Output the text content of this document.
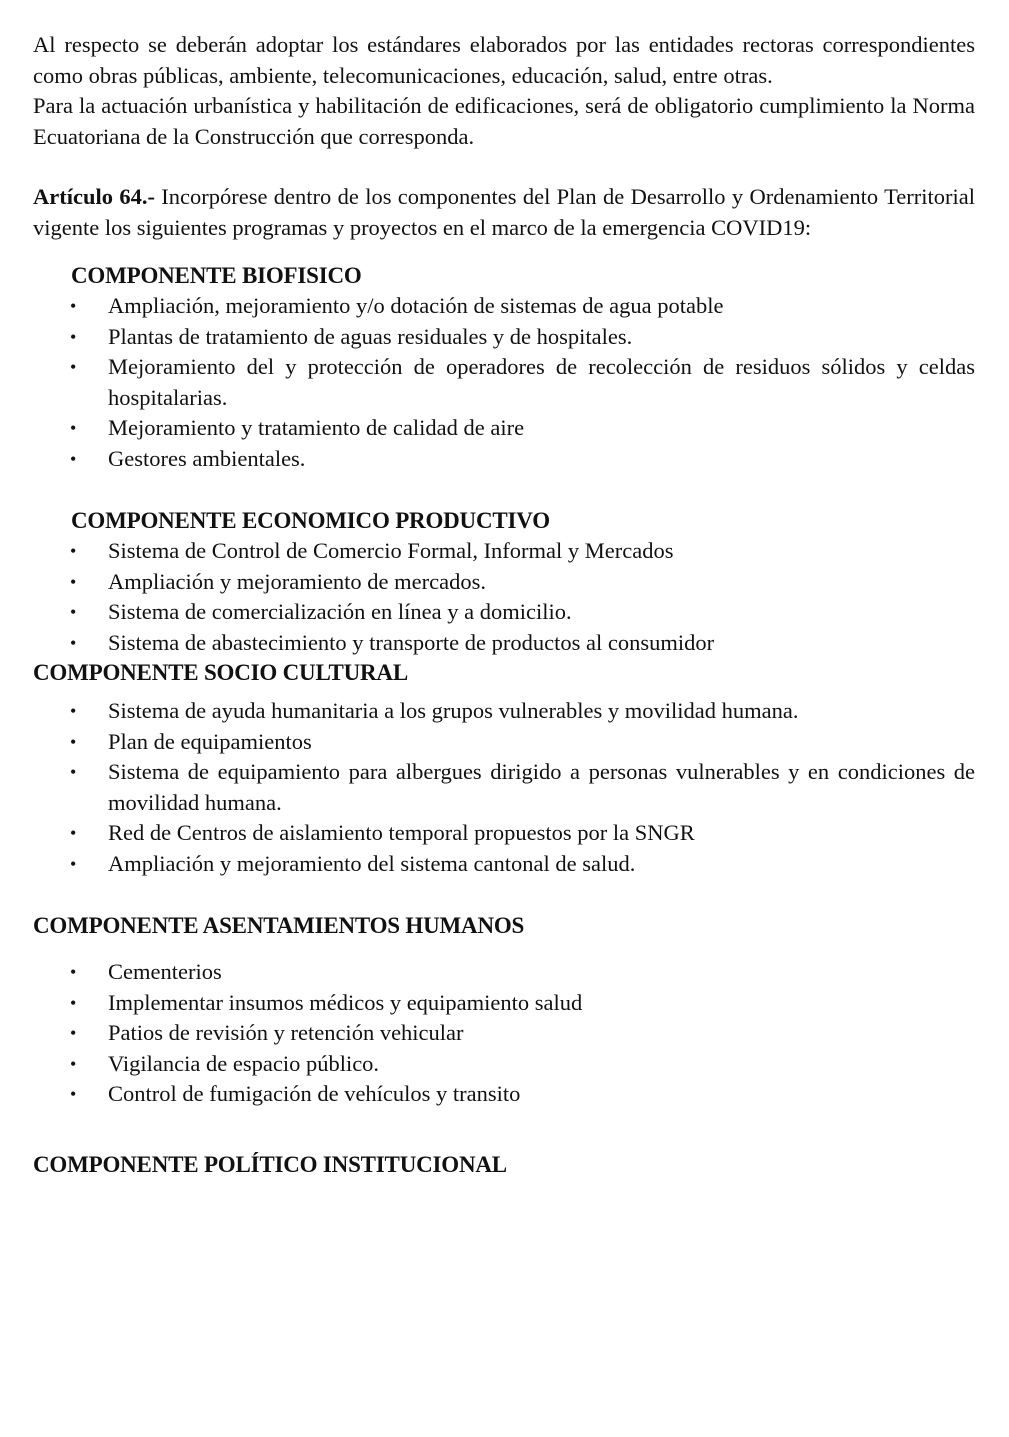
Al respecto se deberán adoptar los estándares elaborados por las entidades rectoras correspondientes como obras públicas, ambiente, telecomunicaciones, educación, salud, entre otras.

Para la actuación urbanística y habilitación de edificaciones, será de obligatorio cumplimiento la Norma Ecuatoriana de la Construcción que corresponda.

Artículo 64.- Incorpórese dentro de los componentes del Plan de Desarrollo y Ordenamiento Territorial vigente los siguientes programas y proyectos en el marco de la emergencia COVID19:

COMPONENTE BIOFISICO
• Ampliación, mejoramiento y/o dotación de sistemas de agua potable
• Plantas de tratamiento de aguas residuales y de hospitales.
• Mejoramiento del y protección de operadores de recolección de residuos sólidos y celdas hospitalarias.
• Mejoramiento y tratamiento de calidad de aire
• Gestores ambientales.
COMPONENTE ECONOMICO PRODUCTIVO
• Sistema de Control de Comercio Formal, Informal y Mercados
• Ampliación y mejoramiento de mercados.
• Sistema de comercialización en línea y a domicilio.
• Sistema de abastecimiento y transporte de productos al consumidor
COMPONENTE SOCIO CULTURAL
• Sistema de ayuda humanitaria a los grupos vulnerables y movilidad humana.
• Plan de equipamientos
• Sistema de equipamiento para albergues dirigido a personas vulnerables y en condiciones de movilidad humana.
• Red de Centros de aislamiento temporal propuestos por la SNGR
• Ampliación y mejoramiento del sistema cantonal de salud.
COMPONENTE ASENTAMIENTOS HUMANOS
• Cementerios
• Implementar insumos médicos y equipamiento salud
• Patios de revisión y retención vehicular
• Vigilancia de espacio público.
• Control de fumigación de vehículos y transito
COMPONENTE POLÍTICO INSTITUCIONAL
